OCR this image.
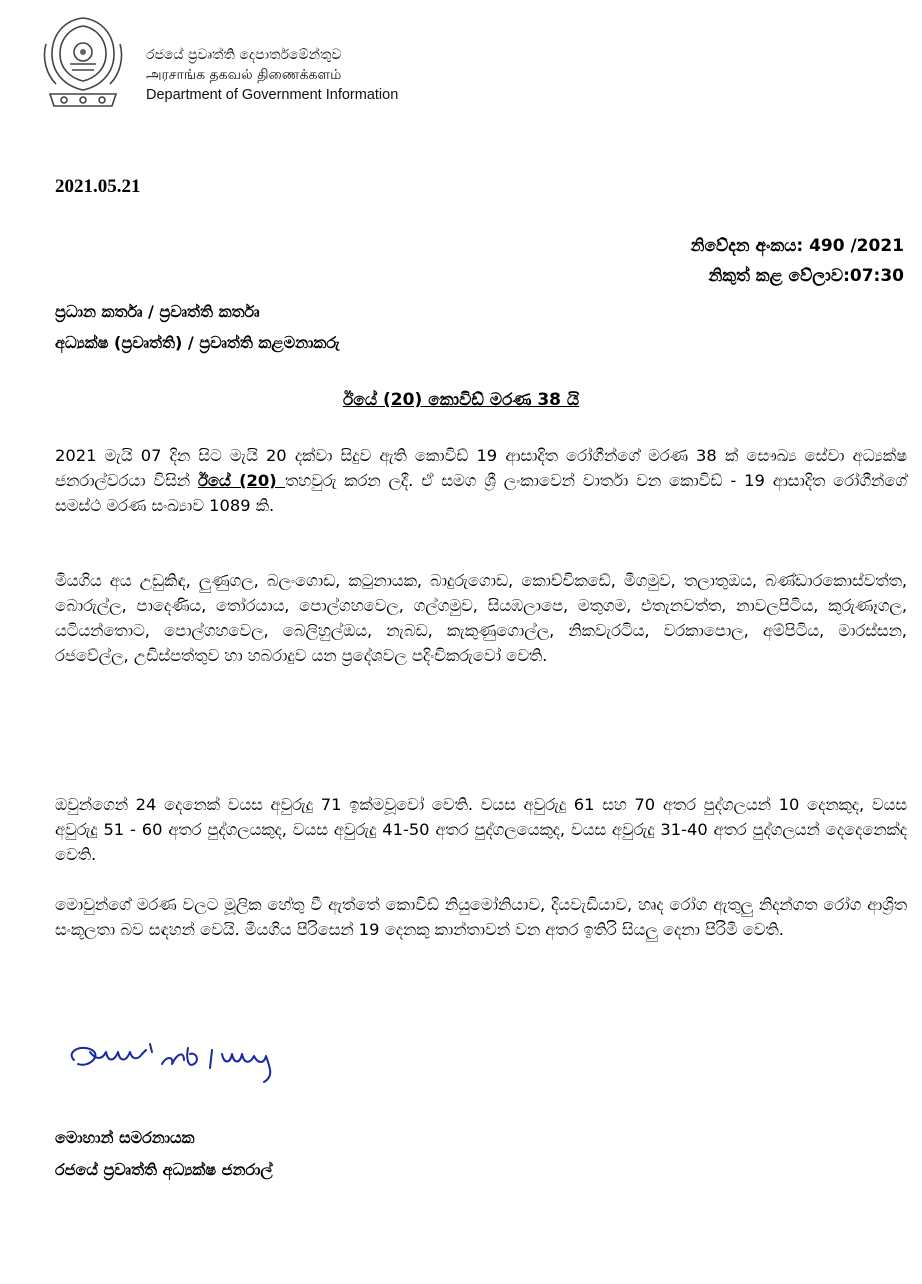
රජයේ ප්‍රවෘත්ති දෙපාර්තමේන්තුව
அரசாங்க தகவல் திணைக்களம்
Department of Government Information
2021.05.21
නිවේදන අංකය: 490 /2021
නිකුත් කළ වේලාව:07:30
ප්‍රධාන කර්තෘ / ප්‍රවෘත්ති කර්තෘ
අධ්‍යක්ෂ (ප්‍රවෘත්ති) / ප්‍රවෘත්ති කළමනාකරු
ඊයේ (20) කොවිඩ් මරණ 38 යි
2021 මැයි 07 දින සිට මැයි 20 දක්වා සිදුව ඇති කොවිඩ් 19 ආසාදිත රෝගීන්ගේ මරණ 38 ක් සෞඛ්‍ය සේවා අධ්‍යක්ෂ ජනරාල්වරයා විසින් ඊයේ (20) තහවුරු කරන ලදී. ඒ සමග ශ්‍රී ලංකාවෙන් වාර්තා වන කොවිඩ් - 19 ආසාදිත රෝගීන්ගේ සමස්ථ මරණ සංඛ්‍යාව 1089 කි.
මියගිය අය උඩුකිඳ, ලුණුගල, බලංගොඩ, කටුනායක, බාදුරුගොඩ, කොච්චිකඩේ, මීගමුව, තලාතුඔය, බණ්ඩාරකොස්වත්ත, බොරුල්ල, පාදෙණිය, තෝරයාය, පොල්ගහවෙල, ගල්ගමුව, සියඹලාපෙ, මතුගම, එතැනවත්ත, නාවලපිටිය, කුරුණෑගල, යටියන්තොට, පොල්ගහවෙල, බෙලිහුල්ඔය, නැබඩ, කැකුණුගොල්ල, නිකවැරටිය, වරකාපොල, අම්පිටිය, මාරස්සන, රජවේල්ල, උඩිස්පත්තුව හා හබරාදුව යන ප්‍රදේශවල පදිංචිකරුවෝ වෙති.
ඔවුන්ගෙන් 24 දෙනෙක් වයස අවුරුදු 71 ඉක්මවූවෝ වෙති. වයස අවුරුදු 61 සහ 70 අතර පුද්ගලයන් 10 දෙනකුද, වයස අවුරුදු 51 - 60 අතර පුද්ගලයකුද, වයස අවුරුදු 41-50 අතර පුද්ගලයෙකුද, වයස අවුරුදු 31-40 අතර පුද්ගලයන් දෙදෙනෙක්ද වෙති.
මොවුන්ගේ මරණ වලට මූලික හේතු වී ඇත්තේ කොවිඩ් නියුමෝනියාව, දියවැඩියාව, හෘද රෝග ඇතුලු නිදන්ගත රෝග ආශ්‍රිත සංකූලතා බව සඳහන් වෙයි. මියගිය පිරිසෙන් 19 දෙනකු කාන්තාවන් වන අතර ඉතිරි සියලු දෙනා පිරිමි වෙති.
මොහාන් සමරනායක
රජයේ ප්‍රවෘත්ති අධ්‍යක්ෂ ජනරාල්
